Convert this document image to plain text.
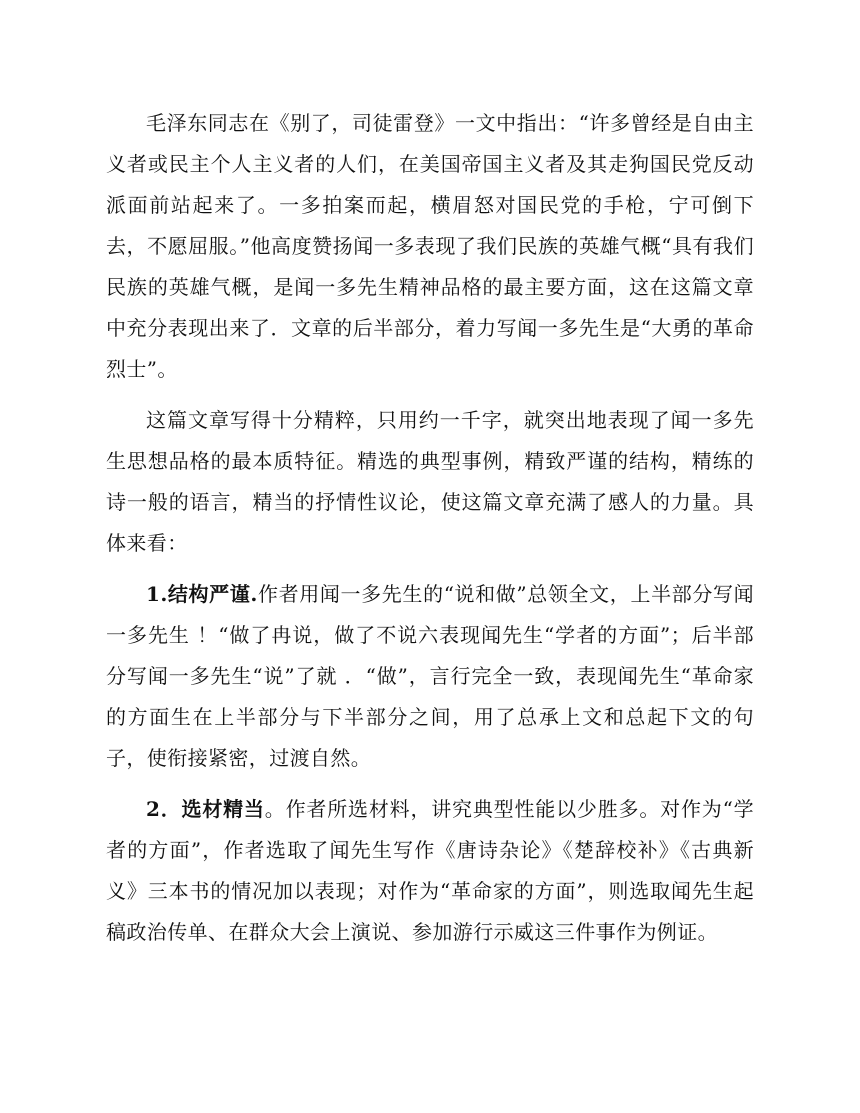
毛泽东同志在《别了，司徒雷登》一文中指出：“许多曾经是自由主义者或民主个人主义者的人们，在美国帝国主义者及其走狗国民党反动派面前站起来了。一多拍案而起，横眉怒对国民党的手枪，宁可倒下去，不愿屈服。”他高度赞扬闻一多表现了我们民族的英雄气概“具有我们民族的英雄气概，是闻一多先生精神品格的最主要方面，这在这篇文章中充分表现出来了．文章的后半部分，着力写闻一多先生是“大勇的革命烈士”。

这篇文章写得十分精粹，只用约一千字，就突出地表现了闻一多先生思想品格的最本质特征。精选的典型事例，精致严谨的结构，精练的诗一般的语言，精当的抒情性议论，使这篇文章充满了感人的力量。具体来看：

1.结构严谨.作者用闻一多先生的“说和做”总领全文，上半部分写闻一多先生 ！“做了冉说，做了不说六表现闻先生“学者的方面”；后半部分写闻一多先生“说”了就 ．“做”，言行完全一致，表现闻先生“革命家的方面生在上半部分与下半部分之间，用了总承上文和总起下文的句子，使衔接紧密，过渡自然。

2．选材精当。作者所选材料，讲究典型性能以少胜多。对作为“学者的方面”，作者选取了闻先生写作《唐诗杂论》《楚辞校补》《古典新义》三本书的情况加以表现；对作为“革命家的方面”，则选取闻先生起稿政治传单、在群众大会上演说、参加游行示威这三件事作为例证。
